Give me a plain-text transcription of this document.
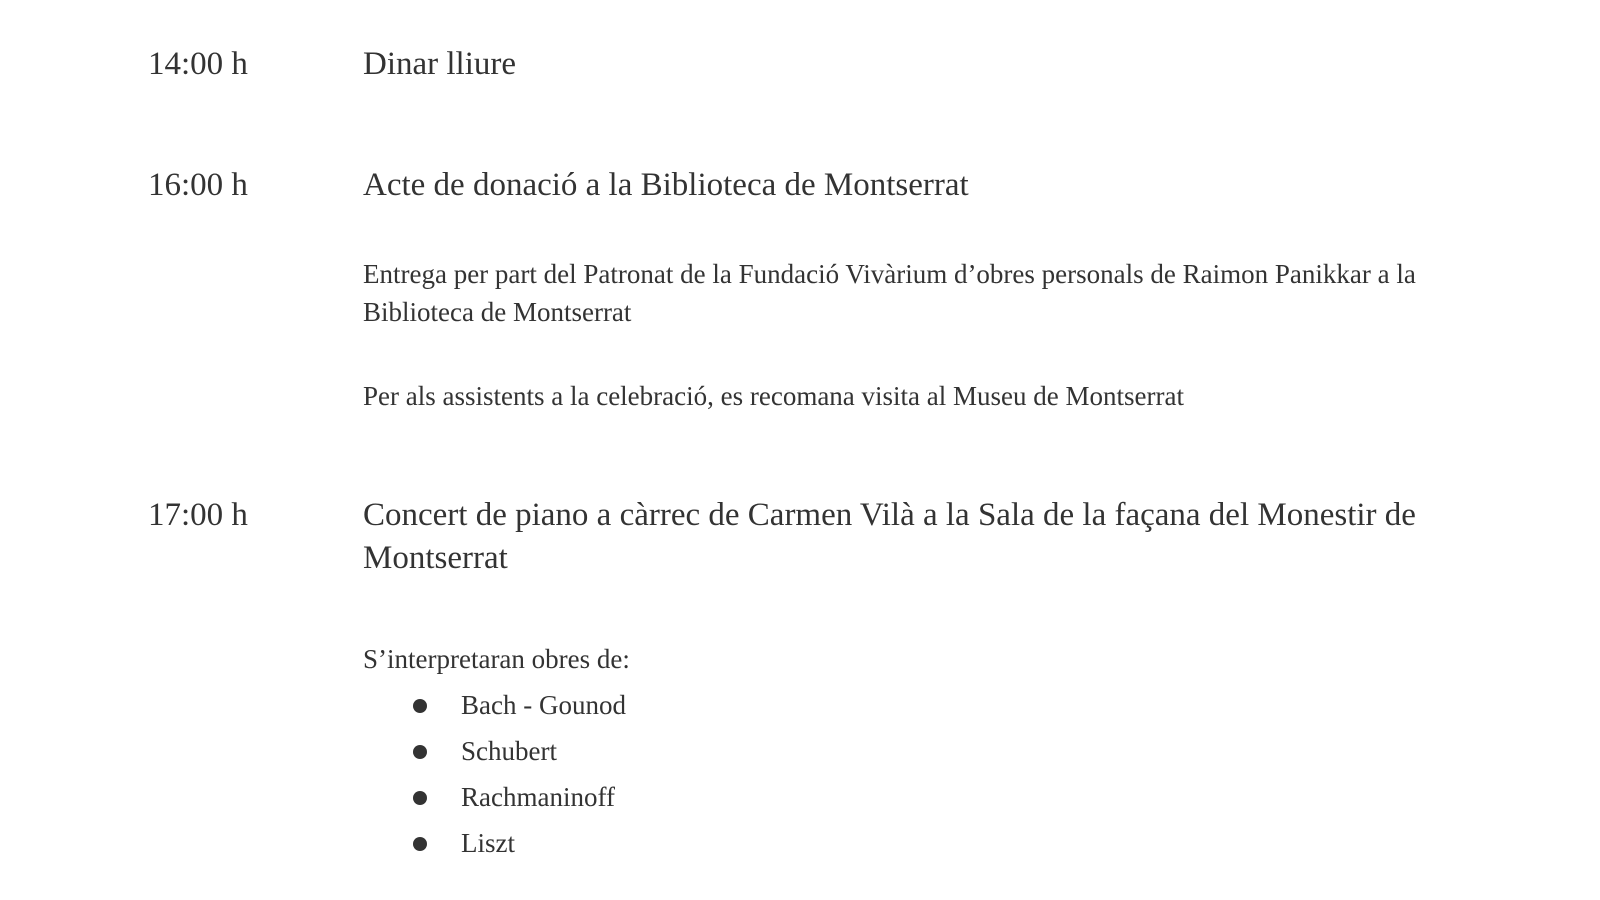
14:00 h	Dinar lliure
16:00 h	Acte de donació a la Biblioteca de Montserrat
Entrega per part del Patronat de la Fundació Vivàrium d’obres personals de Raimon Panikkar a la Biblioteca de Montserrat
Per als assistents a la celebració, es recomana visita al Museu de Montserrat
17:00 h	Concert de piano a càrrec de Carmen Vilà a la Sala de la façana del Monestir de Montserrat
S’interpretaran obres de:
Bach - Gounod
Schubert
Rachmaninoff
Liszt
